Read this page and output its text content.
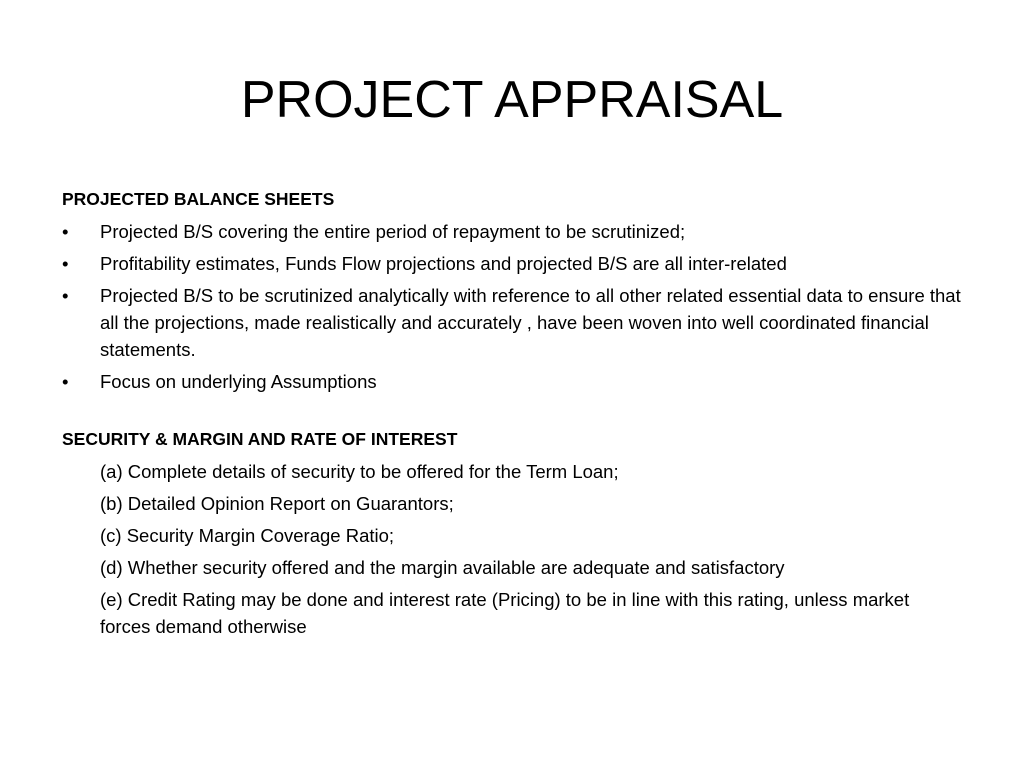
PROJECT APPRAISAL
PROJECTED BALANCE SHEETS
•	Projected B/S covering the entire period of repayment to be scrutinized;
•	Profitability estimates, Funds Flow projections and projected B/S are all inter-related
•	Projected B/S to be scrutinized analytically with reference to all other related essential data to ensure that all the projections, made realistically and accurately , have been woven into well coordinated financial statements.
•	Focus on underlying Assumptions
SECURITY & MARGIN AND RATE OF INTEREST
(a) Complete details of security to be offered for the Term Loan;
(b) Detailed Opinion Report on Guarantors;
(c) Security Margin Coverage Ratio;
(d) Whether security offered and the margin available are adequate and satisfactory
(e) Credit Rating may be done and interest rate (Pricing) to be in line with this rating, unless market forces demand otherwise
